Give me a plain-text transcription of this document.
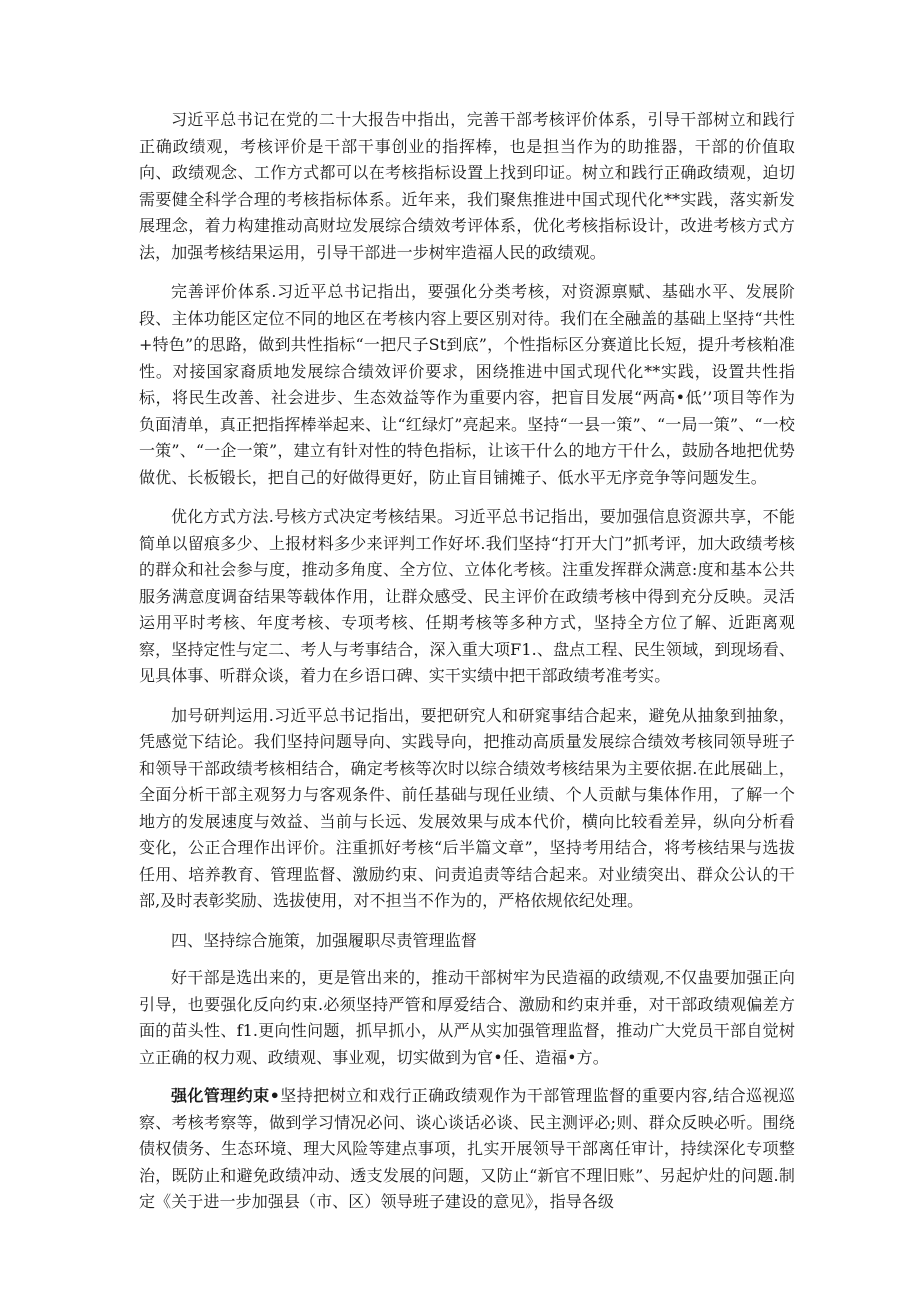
习近平总书记在党的二十大报告中指出，完善干部考核评价体系，引导干部树立和践行正确政绩观，考核评价是干部干事创业的指挥棒，也是担当作为的助推器，干部的价值取向、政绩观念、工作方式都可以在考核指标设置上找到印证。树立和践行正确政绩观，迫切需要健全科学合理的考核指标体系。近年来，我们聚焦推进中国式现代化**实践，落实新发展理念，着力构建推动高财垃发展综合绩效考评体系，优化考核指标设计，改进考核方式方法，加强考核结果运用，引导干部进一步树牢造福人民的政绩观。

完善评价体系.习近平总书记指出，要强化分类考核，对资源禀赋、基础水平、发展阶段、主体功能区定位不同的地区在考核内容上要区别对待。我们在全融盖的基础上坚持“共性+特色”的思路，做到共性指标“一把尺子St到底”，个性指标区分赛道比长短，提升考核粕准性。对接国家裔质地发展综合绩效评价要求，困绕推进中国式现代化**实践，设置共性指标，将民生改善、社会进步、生态效益等作为重要内容，把盲目发展“两高•低’’项目等作为负面清单，真正把指挥棒举起来、让“红绿灯”亮起来。坚持“一县一策”、“一局一策”、“一校一策”、“一企一策”，建立有针对性的特色指标，让该干什么的地方干什么，鼓励各地把优势做优、长板锻长，把自己的好做得更好，防止盲目铺摊子、低水平无序竞争等问题发生。

优化方式方法.号核方式决定考核结果。习近平总书记指出，要加强信息资源共享，不能简单以留痕多少、上报材料多少来评判工作好坏.我们坚持“打开大门”抓考评，加大政绩考核的群众和社会参与度，推动多角度、全方位、立体化考核。注重发挥群众满意:度和基本公共服务满意度调奋结果等载体作用，让群众感受、民主评价在政绩考核中得到充分反映。灵活运用平时考核、年度考核、专项考核、任期考核等多种方式，坚持全方位了解、近距离观察，坚持定性与定二、考人与考事结合，深入重大项F1.、盘点工程、民生领域，到现场看、见具体事、听群众谈，着力在乡语口碑、实干实绩中把干部政绩考准考实。

加号研判运用.习近平总书记指出，要把研究人和研窕事结合起来，避免从抽象到抽象，凭感觉下结论。我们坚持问题导向、实践导向，把推动高质量发展综合绩效考核同领导班子和领导干部政绩考核相结合，确定考核等次时以综合绩效考核结果为主要依据.在此展础上，全面分析干部主观努力与客观条件、前任基础与现任业绩、个人贡献与集体作用，了解一个地方的发展速度与效益、当前与长远、发展效果与成本代价，横向比较看差异，纵向分析看变化，公正合理作出评价。注重抓好考核“后半篇文章”，坚持考用结合，将考核结果与选拔任用、培养教育、管理监督、激励约束、问责追责等结合起来。对业绩突出、群众公认的干部,及时表彰奖励、选拔使用，对不担当不作为的，严格依规依纪处理。

四、坚持综合施策，加强履职尽责管理监督

好干部是选出来的，更是管出来的，推动干部树牢为民造福的政绩观,不仅蛊要加强正向引导，也要强化反向约束.必须坚持严管和厚爱结合、激励和约束并垂，对干部政绩观偏差方面的苗头性、f1.更向性问题，抓早抓小，从严从实加强管理监督，推动广大党员干部自觉树立正确的权力观、政绩观、事业观，切实做到为官•任、造福•方。

强化管理约束•坚持把树立和戏行正确政绩观作为干部管理监督的重要内容,结合巡视巡察、考核考察等，做到学习情况必问、谈心谈话必谈、民主测评必;则、群众反映必听。围绕债权债务、生态环境、理大风险等建点事项，扎实开展领导干部离任审计，持续深化专项整治，既防止和避免政绩冲动、透支发展的问题，又防止“新官不理旧账”、另起炉灶的问题.制定《关于进一步加强县（市、区）领导班子建设的意见》，指导各级
